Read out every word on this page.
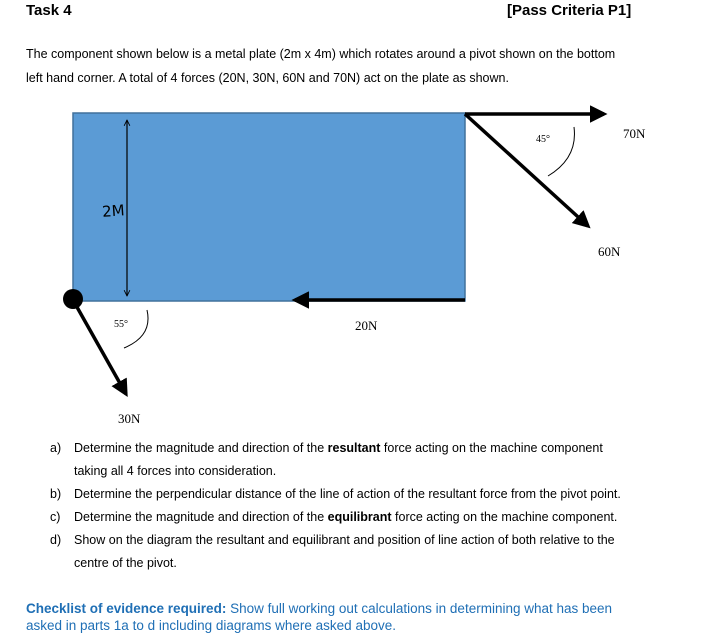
Task 4	[Pass Criteria P1]
The component shown below is a metal plate (2m x 4m) which rotates around a pivot shown on the bottom
left hand corner. A total of 4 forces (20N, 30N, 60N and 70N) act on the plate as shown.
2M
70N
60N
45°
20N
30N
55°
a) Determine the magnitude and direction of the resultant force acting on the machine component
taking all 4 forces into consideration.
b) Determine the perpendicular distance of the line of action of the resultant force from the pivot point.
c) Determine the magnitude and direction of the equilibrant force acting on the machine component.
d) Show on the diagram the resultant and equilibrant and position of line action of both relative to the
centre of the pivot.
Checklist of evidence required: Show full working out calculations in determining what has been
asked in parts 1a to d including diagrams where asked above.
